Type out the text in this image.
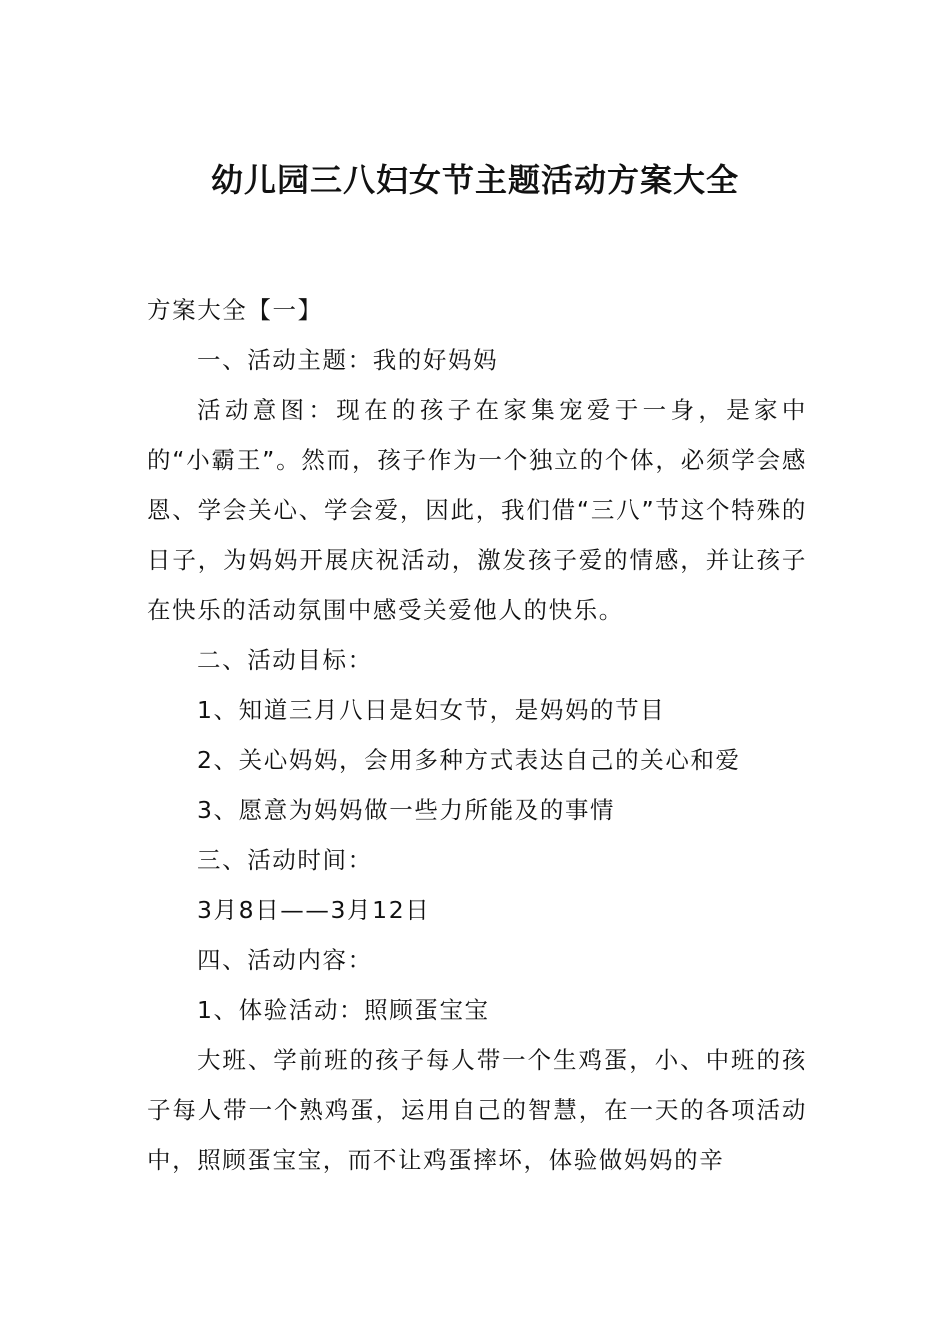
幼儿园三八妇女节主题活动方案大全

方案大全【一】

一、活动主题：我的好妈妈

活动意图：现在的孩子在家集宠爱于一身，是家中的“小霸王”。然而，孩子作为一个独立的个体，必须学会感恩、学会关心、学会爱，因此，我们借“三八”节这个特殊的日子，为妈妈开展庆祝活动，激发孩子爱的情感，并让孩子在快乐的活动氛围中感受关爱他人的快乐。

二、活动目标：

1、知道三月八日是妇女节，是妈妈的节目

2、关心妈妈，会用多种方式表达自己的关心和爱

3、愿意为妈妈做一些力所能及的事情

三、活动时间：

3月8日——3月12日

四、活动内容：

1、体验活动：照顾蛋宝宝

大班、学前班的孩子每人带一个生鸡蛋，小、中班的孩子每人带一个熟鸡蛋，运用自己的智慧，在一天的各项活动中，照顾蛋宝宝，而不让鸡蛋摔坏，体验做妈妈的辛
